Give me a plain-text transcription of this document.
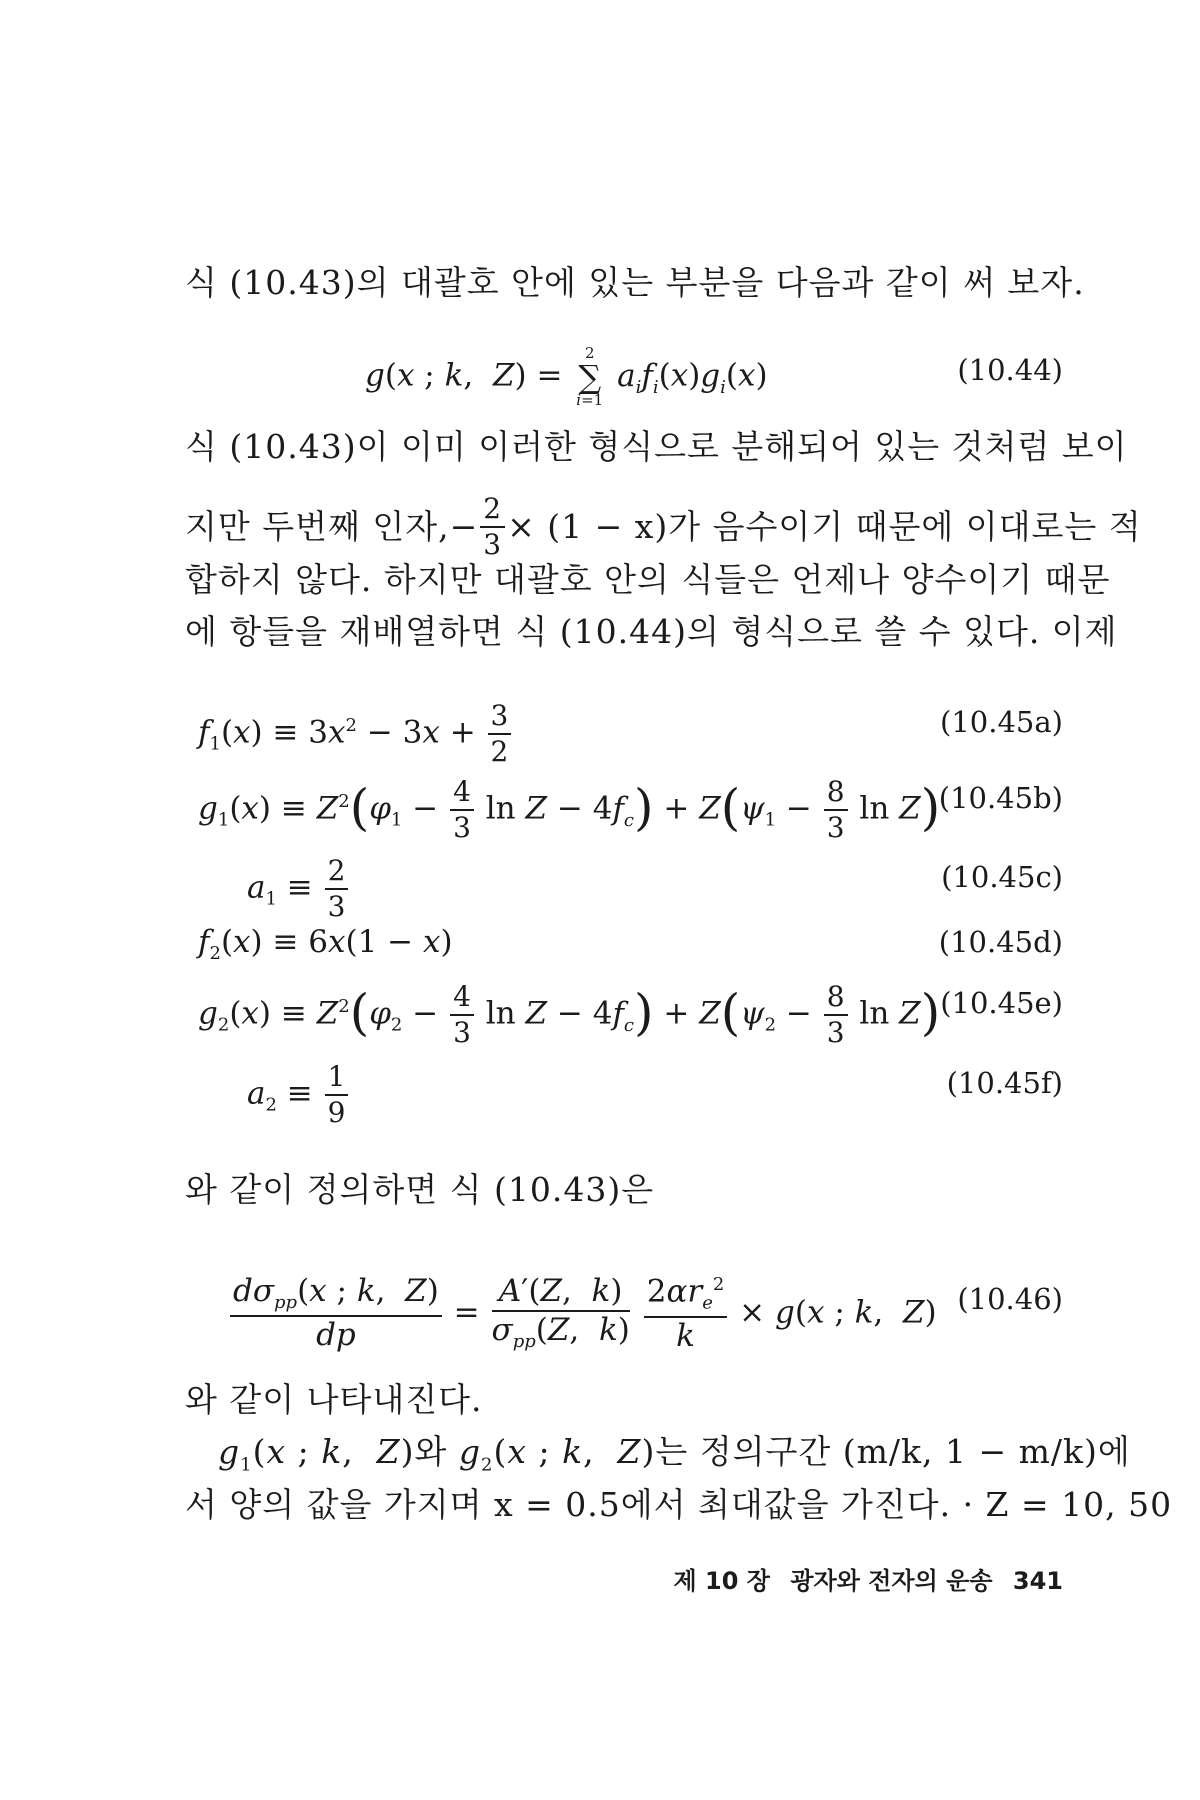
식 (10.43)의 대괄호 안에 있는 부분을 다음과 같이 써 보자.
g(x ; k,  Z) =
2
∑
i=1
$a_if_i(x)g_i(x)$	(10.44)
식 (10.43)이 이미 이러한 형식으로 분해되어 있는 것처럼 보이
지만 두번째 인자, − $\frac{2}{3} \times (1 - x)$가 음수이기 때문에 이대로는 적
합하지 않다. 하지만 대괄호 안의 식들은 언제나 양수이기 때문
에 항들을 재배열하면 식 (10.44)의 형식으로 쓸 수 있다. 이제
$f_1(x) \equiv 3x^2 - 3x + \frac{3}{2}$	(10.45a)
$g_1(x) \equiv Z^2(\varphi_1 - \frac{4}{3}$ $\ln Z - 4f_c) + Z(\psi_1 - \frac{8}{3}$ ln Z)
(10.45b)
$a_1 \equiv \frac{2}{3}$	(10.45c)
$f_2(x) \equiv 6x(1 - x)$	(10.45d)
$g_2(x) \equiv Z^2(\varphi_2 - \frac{4}{3}$ $\ln Z - 4f_c) + Z(\psi_2 - \frac{8}{3}$ ln Z) (10.45e)
$a_2 \equiv \frac{1}{9}$	(10.45f)
와 같이 정의하면 식 (10.43)은
$\frac{d\sigma_{pp}(x ; k, Z)}{dp} = \frac{A'(Z, k)}{\sigma_{pp}(Z, k)}$
$\frac{2\alpha r_e^2}{k} \times g(x$ ; k,  Z) (10.46)
와 같이 나타내진다.
$g_1(x$ ; k,  Z)와 $g_2(x$ ; k,  Z)는 정의구간 (m/k, 1 − m/k)에
서 양의 값을 가지며 x = 0.5에서 최대값을 가진다. · Z = 10, 50
제 10 장 광자와 전자의 운송 341
